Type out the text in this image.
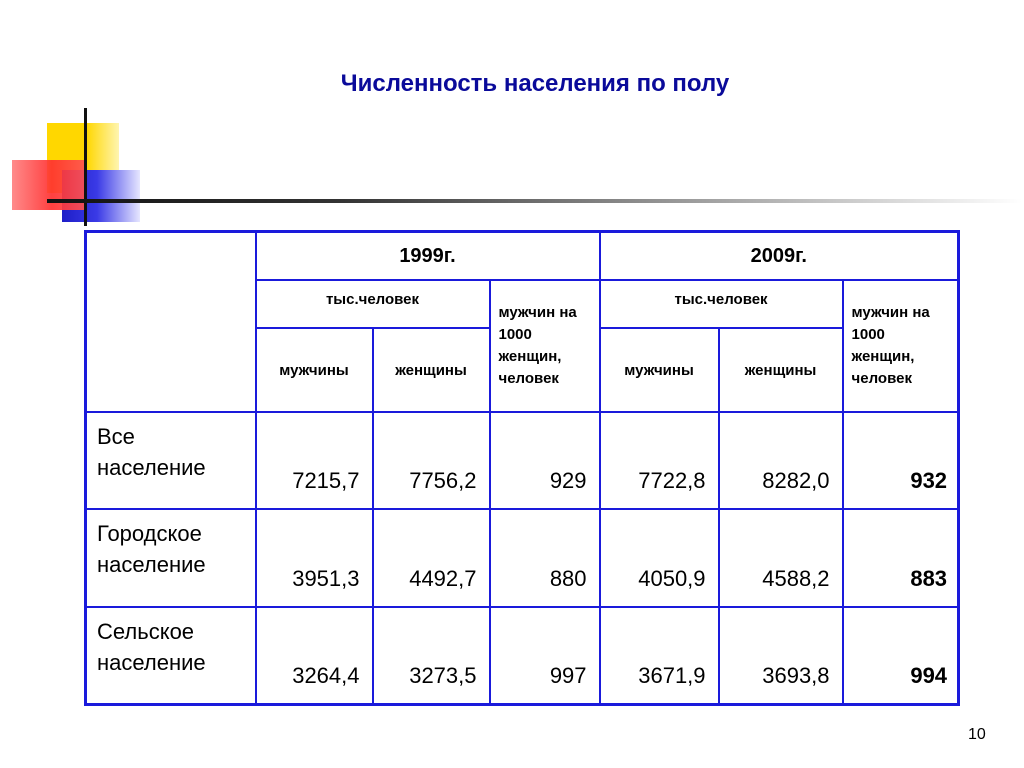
Численность населения по полу
	1999г.			2009г.		
	тыс.человек		мужчин на 1000 женщин, человек	тыс.человек		мужчин на 1000 женщин, человек
	мужчины	женщины		мужчины	женщины	
Все население	7215,7	7756,2	929	7722,8	8282,0	932
Городское население	3951,3	4492,7	880	4050,9	4588,2	883
Сельское население	3264,4	3273,5	997	3671,9	3693,8	994
10
